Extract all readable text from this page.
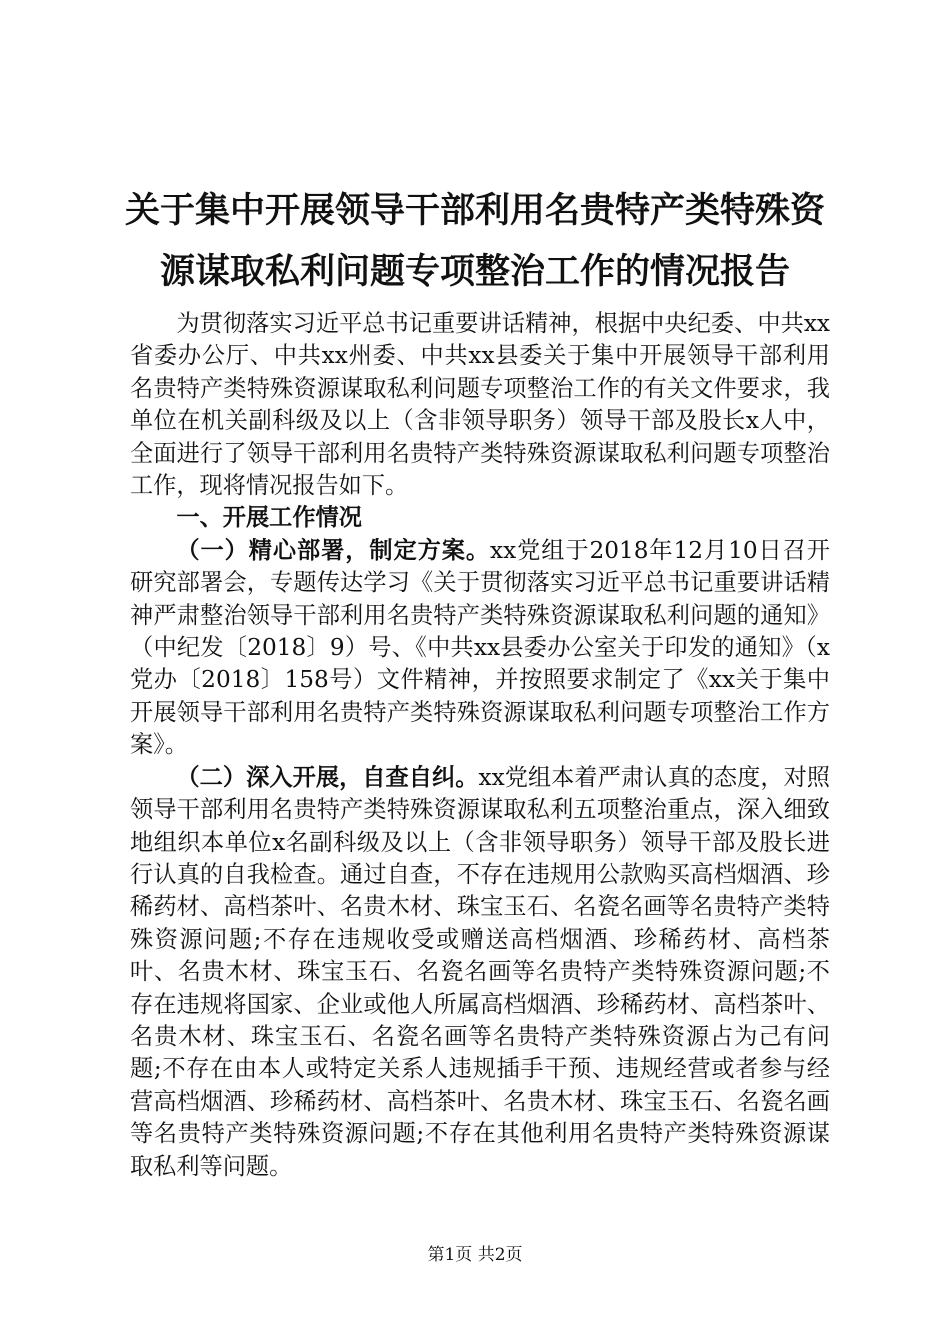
关于集中开展领导干部利用名贵特产类特殊资
源谋取私利问题专项整治工作的情况报告

为贯彻落实习近平总书记重要讲话精神，根据中央纪委、中共xx省委办公厅、中共xx州委、中共xx县委关于集中开展领导干部利用名贵特产类特殊资源谋取私利问题专项整治工作的有关文件要求，我单位在机关副科级及以上（含非领导职务）领导干部及股长x人中，全面进行了领导干部利用名贵特产类特殊资源谋取私利问题专项整治工作，现将情况报告如下。

一、开展工作情况

（一）精心部署，制定方案。xx党组于2018年12月10日召开研究部署会，专题传达学习《关于贯彻落实习近平总书记重要讲话精神严肃整治领导干部利用名贵特产类特殊资源谋取私利问题的通知》（中纪发〔2018〕9）号、《中共xx县委办公室关于印发的通知》（x党办〔2018〕158号）文件精神，并按照要求制定了《xx关于集中开展领导干部利用名贵特产类特殊资源谋取私利问题专项整治工作方案》。

（二）深入开展，自查自纠。xx党组本着严肃认真的态度，对照领导干部利用名贵特产类特殊资源谋取私利五项整治重点，深入细致地组织本单位x名副科级及以上（含非领导职务）领导干部及股长进行认真的自我检查。通过自查，不存在违规用公款购买高档烟酒、珍稀药材、高档茶叶、名贵木材、珠宝玉石、名瓷名画等名贵特产类特殊资源问题;不存在违规收受或赠送高档烟酒、珍稀药材、高档茶叶、名贵木材、珠宝玉石、名瓷名画等名贵特产类特殊资源问题;不存在违规将国家、企业或他人所属高档烟酒、珍稀药材、高档茶叶、名贵木材、珠宝玉石、名瓷名画等名贵特产类特殊资源占为己有问题;不存在由本人或特定关系人违规插手干预、违规经营或者参与经营高档烟酒、珍稀药材、高档茶叶、名贵木材、珠宝玉石、名瓷名画等名贵特产类特殊资源问题;不存在其他利用名贵特产类特殊资源谋取私利等问题。

第1页 共2页
